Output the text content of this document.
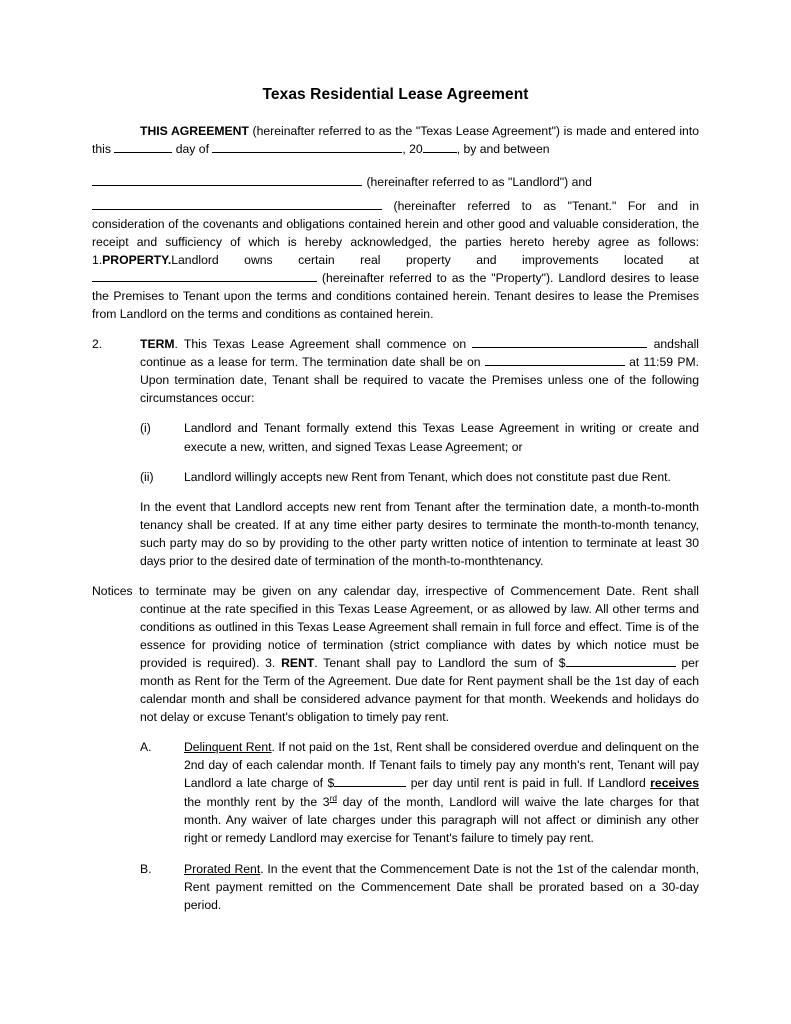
Texas Residential Lease Agreement
THIS AGREEMENT (hereinafter referred to as the "Texas Lease Agreement") is made and entered into this	day of	, 20	, by and between
(hereinafter referred to as "Landlord") and
(hereinafter referred to as "Tenant." For and in consideration of the covenants and obligations contained herein and other good and valuable consideration, the receipt and sufficiency of which is hereby acknowledged, the parties hereto hereby agree as follows: 1.PROPERTY.Landlord owns certain real property and improvements located at  (hereinafter referred to as the "Property"). Landlord desires to lease the Premises to Tenant upon the terms and conditions contained herein. Tenant desires to lease the Premises from Landlord on the terms and conditions as contained herein.
2.	TERM. This Texas Lease Agreement shall commence on	andshall continue as a lease for term. The termination date shall be on	at 11:59 PM. Upon termination date, Tenant shall be required to vacate the Premises unless one of the following circumstances occur:
(i)	Landlord and Tenant formally extend this Texas Lease Agreement in writing or create and execute a new, written, and signed Texas Lease Agreement; or
(ii)	Landlord willingly accepts new Rent from Tenant, which does not constitute past due Rent.
In the event that Landlord accepts new rent from Tenant after the termination date, a month-to-month tenancy shall be created. If at any time either party desires to terminate the month-to-month tenancy, such party may do so by providing to the other party written notice of intention to terminate at least 30 days prior to the desired date of termination of the month-to-monthtenancy.
Notices to terminate may be given on any calendar day, irrespective of Commencement Date. Rent shall continue at the rate specified in this Texas Lease Agreement, or as allowed by law. All other terms and conditions as outlined in this Texas Lease Agreement shall remain in full force and effect. Time is of the essence for providing notice of termination (strict compliance with dates by which notice must be provided is required). 3. RENT. Tenant shall pay to Landlord the sum of $	per month as Rent for the Term of the Agreement. Due date for Rent payment shall be the 1st day of each calendar month and shall be considered advance payment for that month. Weekends and holidays do not delay or excuse Tenant's obligation to timely pay rent.
A.	Delinquent Rent. If not paid on the 1st, Rent shall be considered overdue and delinquent on the 2nd day of each calendar month. If Tenant fails to timely pay any month's rent, Tenant will pay Landlord a late charge of $	per day until rent is paid in full. If Landlord receives the monthly rent by the 3rd day of the month, Landlord will waive the late charges for that month. Any waiver of late charges under this paragraph will not affect or diminish any other right or remedy Landlord may exercise for Tenant's failure to timely pay rent.
B.	Prorated Rent. In the event that the Commencement Date is not the 1st of the calendar month, Rent payment remitted on the Commencement Date shall be prorated based on a 30-day period.
